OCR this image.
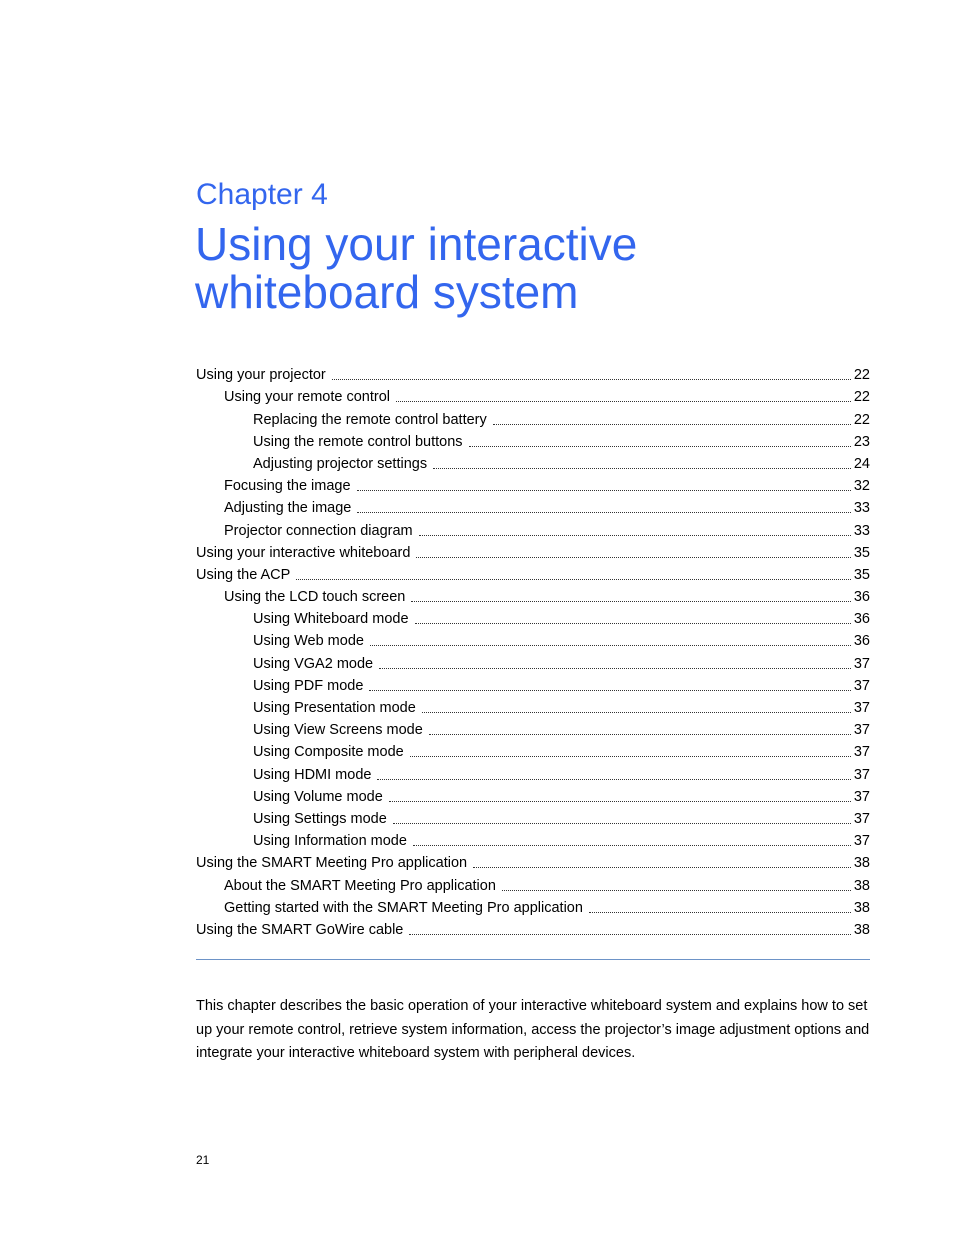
Chapter 4
Using your interactive
whiteboard system
Using your projector	22
Using your remote control	22
Replacing the remote control battery	22
Using the remote control buttons	23
Adjusting projector settings	24
Focusing the image	32
Adjusting the image	33
Projector connection diagram	33
Using your interactive whiteboard	35
Using the ACP	35
Using the LCD touch screen	36
Using Whiteboard mode	36
Using Web mode	36
Using VGA2 mode	37
Using PDF mode	37
Using Presentation mode	37
Using View Screens mode	37
Using Composite mode	37
Using HDMI mode	37
Using Volume mode	37
Using Settings mode	37
Using Information mode	37
Using the SMART Meeting Pro application	38
About the SMART Meeting Pro application	38
Getting started with the SMART Meeting Pro application	38
Using the SMART GoWire cable	38
This chapter describes the basic operation of your interactive whiteboard system and explains how to set up your remote control, retrieve system information, access the projector’s image adjustment options and integrate your interactive whiteboard system with peripheral devices.
21
